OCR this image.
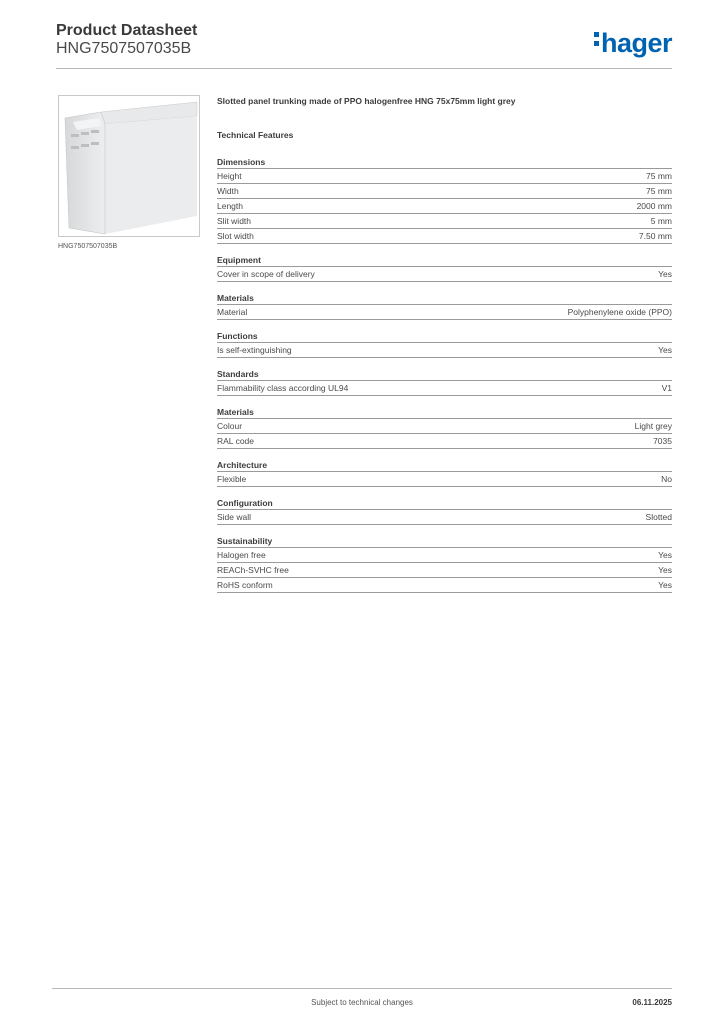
Product Datasheet
HNG7507507035B	hager
HNG7507507035B
Slotted panel trunking made of PPO halogenfree HNG 75x75mm light grey
Technical Features
Dimensions
Height	75 mm
Width	75 mm
Length	2000 mm
Slit width	5 mm
Slot width	7.50 mm
Equipment
Cover in scope of delivery	Yes
Materials
Material	Polyphenylene oxide (PPO)
Functions
Is self-extinguishing	Yes
Standards
Flammability class according UL94	V1
Materials
Colour	Light grey
RAL code	7035
Architecture
Flexible	No
Configuration
Side wall	Slotted
Sustainability
Halogen free	Yes
REACh-SVHC free	Yes
RoHS conform	Yes
Subject to technical changes	06.11.2025
